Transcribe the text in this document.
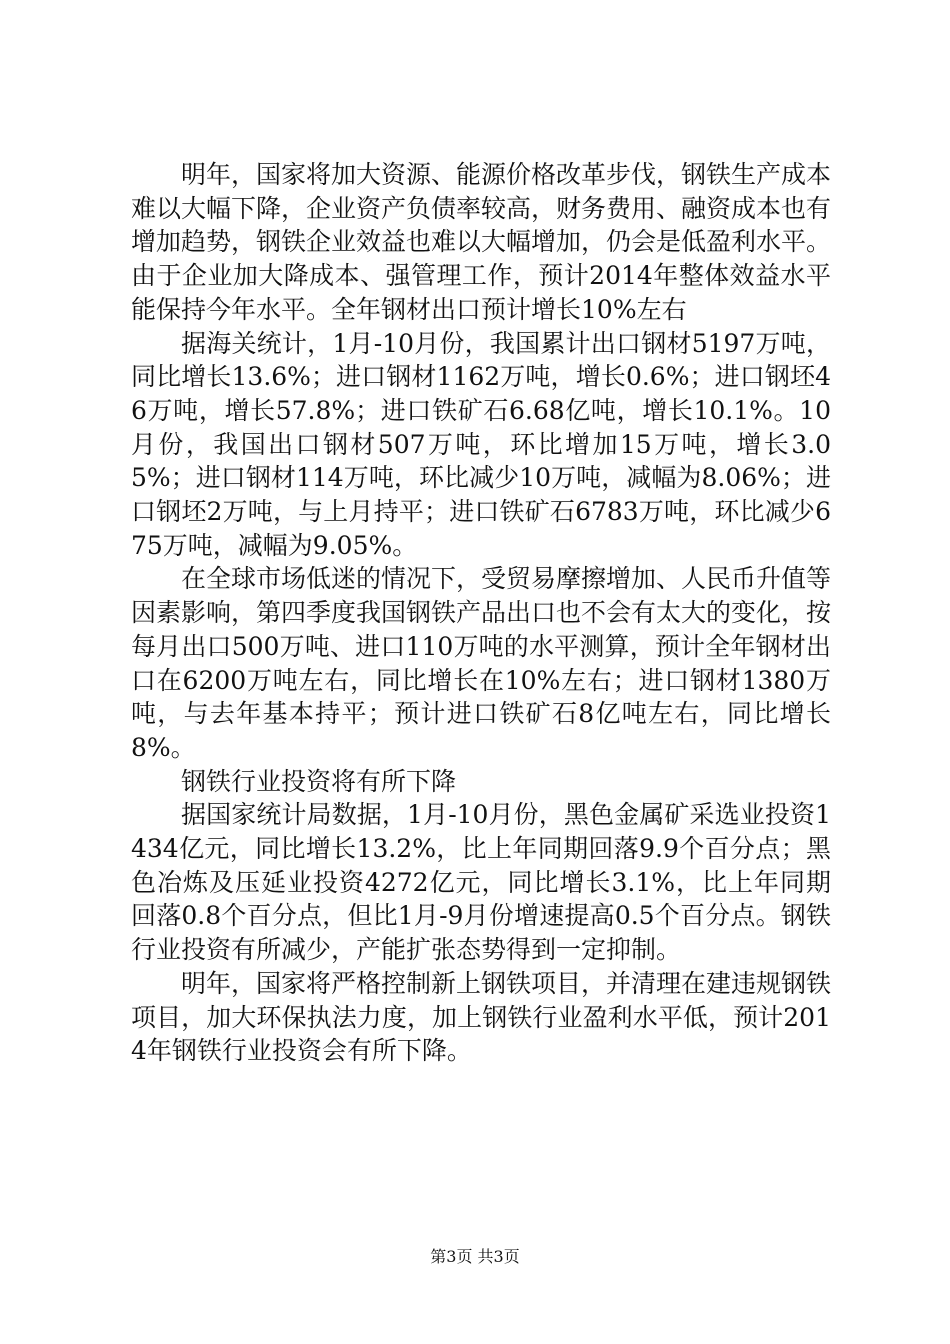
明年，国家将加大资源、能源价格改革步伐，钢铁生产成本难以大幅下降，企业资产负债率较高，财务费用、融资成本也有增加趋势，钢铁企业效益也难以大幅增加，仍会是低盈利水平。由于企业加大降成本、强管理工作，预计2014年整体效益水平能保持今年水平。全年钢材出口预计增长10%左右

据海关统计，1月-10月份，我国累计出口钢材5197万吨，同比增长13.6%；进口钢材1162万吨，增长0.6%；进口钢坯46万吨，增长57.8%；进口铁矿石6.68亿吨，增长10.1%。10月份，我国出口钢材507万吨，环比增加15万吨，增长3.05%；进口钢材114万吨，环比减少10万吨，减幅为8.06%；进口钢坯2万吨，与上月持平；进口铁矿石6783万吨，环比减少675万吨，减幅为9.05%。

在全球市场低迷的情况下，受贸易摩擦增加、人民币升值等因素影响，第四季度我国钢铁产品出口也不会有太大的变化，按每月出口500万吨、进口110万吨的水平测算，预计全年钢材出口在6200万吨左右，同比增长在10%左右；进口钢材1380万吨，与去年基本持平；预计进口铁矿石8亿吨左右，同比增长8%。

钢铁行业投资将有所下降

据国家统计局数据，1月-10月份，黑色金属矿采选业投资1434亿元，同比增长13.2%，比上年同期回落9.9个百分点；黑色冶炼及压延业投资4272亿元，同比增长3.1%，比上年同期回落0.8个百分点，但比1月-9月份增速提高0.5个百分点。钢铁行业投资有所减少，产能扩张态势得到一定抑制。

明年，国家将严格控制新上钢铁项目，并清理在建违规钢铁项目，加大环保执法力度，加上钢铁行业盈利水平低，预计2014年钢铁行业投资会有所下降。

第3页 共3页
